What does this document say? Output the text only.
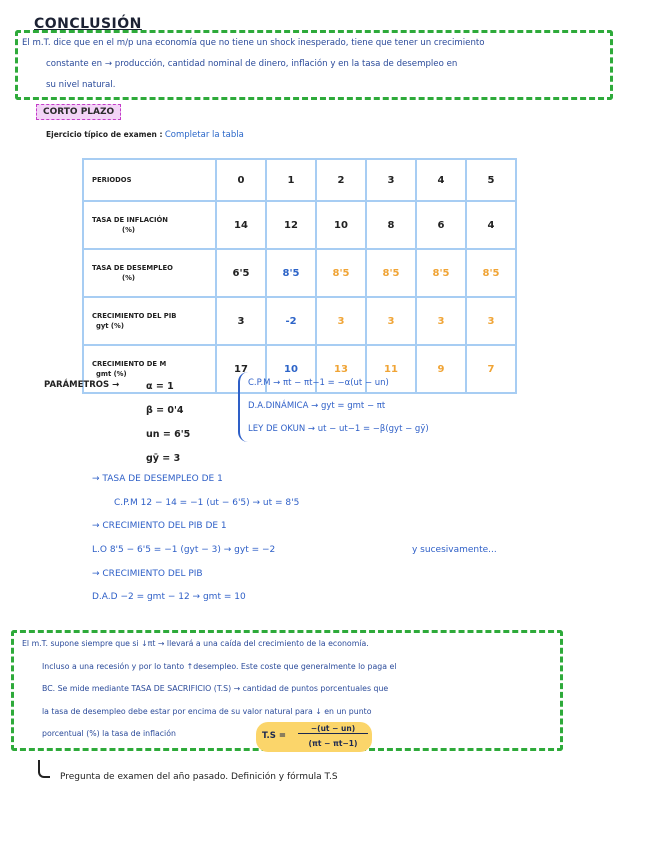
CONCLUSIÓN

El m.T. dice que en el m/p una economía que no tiene un shock inesperado, tiene que tener un crecimiento

constante en → producción, cantidad nominal de dinero, inflación y en la tasa de desempleo en

su nivel natural.

CORTO PLAZO
Ejercicio típico de examen : Completar la tabla
PERIODOS	0	1	2	3	4	5

TASA DE INFLACIÓN
(%)	14	12	10	8	6	4

TASA DE DESEMPLEO
(%)	6'5	8'5	8'5	8'5	8'5	8'5

CRECIMIENTO DEL PIB
gyt (%)	3	-2	3	3	3	3

CRECIMIENTO DE M
gmt (%)	17	10	13	11	9	7
PARÁMETROS →	α = 1
β = 0'4
un = 6'5
gȳ = 3
C.P.M → πt − πt−1 = −α(ut − un)
D.A.DINÁMICA → gyt = gmt − πt
LEY DE OKUN → ut − ut−1 = −β(gyt − gȳ)
→ TASA DE DESEMPLEO DE 1
C.P.M 12 − 14 = −1 (ut − 6'5) → ut = 8'5
→ CRECIMIENTO DEL PIB DE 1
L.O 8'5 − 6'5 = −1 (gyt − 3) → gyt = −2	y sucesivamente...
→ CRECIMIENTO DEL PIB
D.A.D −2 = gmt − 12 → gmt = 10

El m.T. supone siempre que si ↓πt → llevará a una caída del crecimiento de la economía.

Incluso a una recesión y por lo tanto ↑desempleo. Este coste que generalmente lo paga el

BC. Se mide mediante TASA DE SACRIFICIO (T.S) → cantidad de puntos porcentuales que

la tasa de desempleo debe estar por encima de su valor natural para ↓ en un punto

porcentual (%) la tasa de inflación	T.S =
−(ut − un)
(πt − πt−1)
Pregunta de examen del año pasado. Definición y fórmula T.S
